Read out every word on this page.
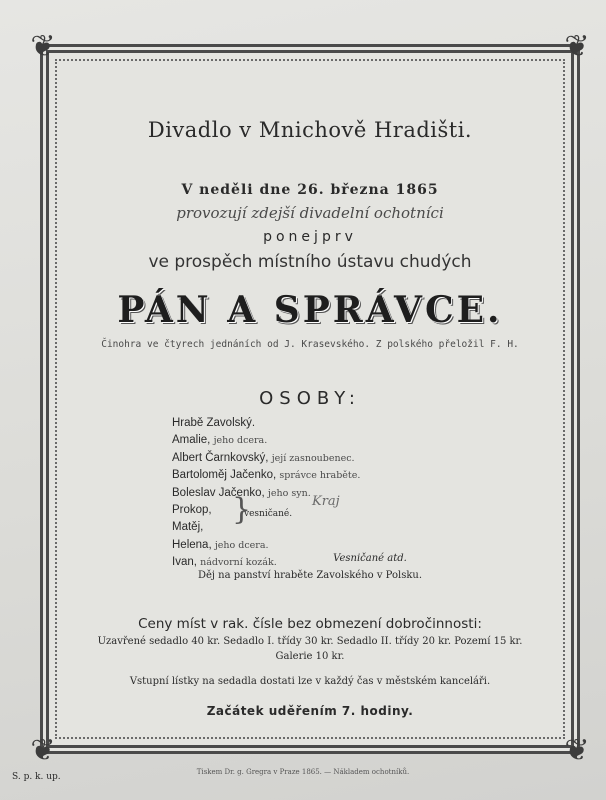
❦	❦
❦	❦
Divadlo v Mnichově Hradišti.
V neděli dne 26. března 1865
provozují zdejší divadelní ochotníci
ponejprv
ve prospěch místního ústavu chudých
PÁN A SPRÁVCE.
Činohra ve čtyrech jednáních od J. Krasevského. Z polského přeložil F. H.
OSOBY:
Hrabě Zavolský.
Amalie, jeho dcera.
Albert Čarnkovský, její zasnoubenec.
Bartoloměj Jačenko, správce hraběte.
Boleslav Jačenko, jeho syn.
Prokop,
Matěj,
Helena, jeho dcera.
Ivan, nádvorní kozák.
}
vesničané.
Kraj
Vesničané atd.
Děj na panství hraběte Zavolského v Polsku.
Ceny míst v rak. čísle bez obmezení dobročinnosti:
Uzavřené sedadlo 40 kr. Sedadlo I. třídy 30 kr. Sedadlo II. třídy 20 kr. Pozemí 15 kr.
Galerie 10 kr.
Vstupní lístky na sedadla dostati lze v každý čas v městském kanceláři.
Začátek uděřením 7. hodiny.
S. p. k. up.	Tiskem Dr. g. Gregra v Praze 1865. — Nákladem ochotníků.
